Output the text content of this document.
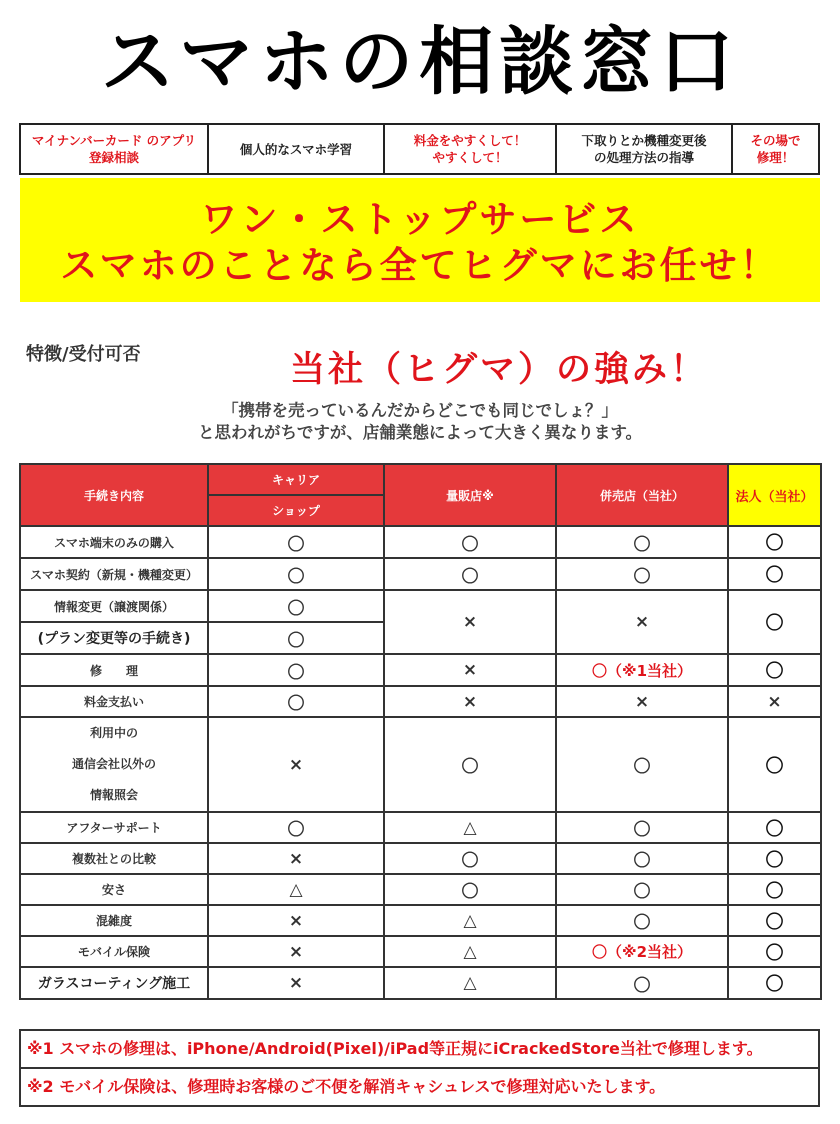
スマホの相談窓口
マイナンバーカード のアプリ
登録相談
個人的なスマホ学習
料金をやすくして！
やすくして！
下取りとか機種変更後
の処理方法の指導
その場で
修理！
ワン・ストップサービス
スマホのことなら全てヒグマにお任せ！
特徴/受付可否	当社（ヒグマ）の強み！
「携帯を売っているんだからどこでも同じでしょ？」
と思われがちですが、店舗業態によって大きく異なります。
手続き内容	キャリア	量販店※	併売店（当社）	法人（当社）
	ショップ			
スマホ端末のみの購入	〇	〇	〇	〇
スマホ契約（新規・機種変更）	〇	〇	〇	〇
情報変更（譲渡関係）	〇	×	×	〇
(プラン変更等の手続き)	〇			
修　　理	〇	×	〇（※1当社）	〇
料金支払い	〇	×	×	×

利用中の
通信会社以外の
情報照会	×	〇	〇	〇
アフターサポート	〇	△	〇	〇
複数社との比較	×	〇	〇	〇
安さ	△	〇	〇	〇
混雑度	×	△	〇	〇
モバイル保険	×	△	〇（※2当社）	〇
ガラスコーティング施工	×	△	〇	〇
※1 スマホの修理は、iPhone/Android(Pixel)/iPad等正規にiCrackedStore当社で修理します。
※2 モバイル保険は、修理時お客様のご不便を解消キャシュレスで修理対応いたします。
